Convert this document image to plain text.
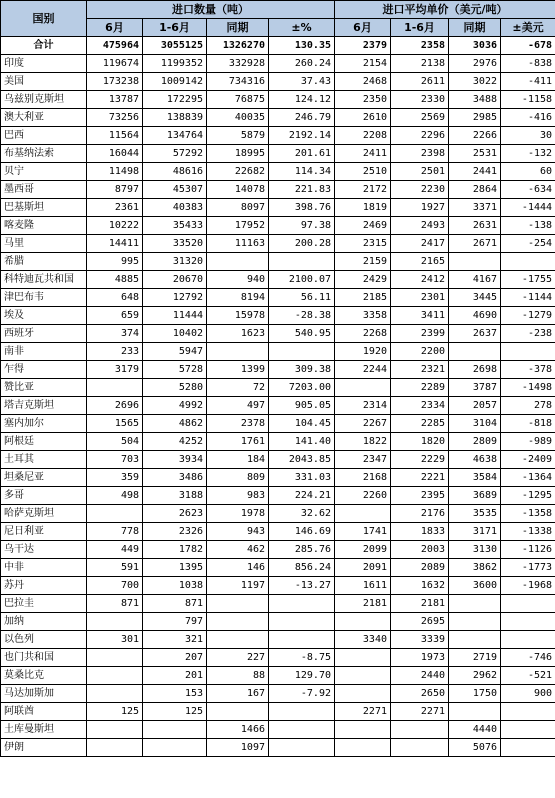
国别	进口数量（吨）				进口平均单价（美元/吨）			
	6月	1-6月	同期	±%	6月	1-6月	同期	±美元
合计	475964	3055125	1326270	130.35	2379	2358	3036	-678
印度	119674	1199352	332928	260.24	2154	2138	2976	-838
美国	173238	1009142	734316	37.43	2468	2611	3022	-411
乌兹别克斯坦	13787	172295	76875	124.12	2350	2330	3488	-1158
澳大利亚	73256	138839	40035	246.79	2610	2569	2985	-416
巴西	11564	134764	5879	2192.14	2208	2296	2266	30
布基纳法索	16044	57292	18995	201.61	2411	2398	2531	-132
贝宁	11498	48616	22682	114.34	2510	2501	2441	60
墨西哥	8797	45307	14078	221.83	2172	2230	2864	-634
巴基斯坦	2361	40383	8097	398.76	1819	1927	3371	-1444
喀麦隆	10222	35433	17952	97.38	2469	2493	2631	-138
马里	14411	33520	11163	200.28	2315	2417	2671	-254
希腊	995	31320			2159	2165		
科特迪瓦共和国	4885	20670	940	2100.07	2429	2412	4167	-1755
津巴布韦	648	12792	8194	56.11	2185	2301	3445	-1144
埃及	659	11444	15978	-28.38	3358	3411	4690	-1279
西班牙	374	10402	1623	540.95	2268	2399	2637	-238
南非	233	5947			1920	2200		
乍得	3179	5728	1399	309.38	2244	2321	2698	-378
赞比亚		5280	72	7203.00		2289	3787	-1498
塔吉克斯坦	2696	4992	497	905.05	2314	2334	2057	278
塞内加尔	1565	4862	2378	104.45	2267	2285	3104	-818
阿根廷	504	4252	1761	141.40	1822	1820	2809	-989
土耳其	703	3934	184	2043.85	2347	2229	4638	-2409
坦桑尼亚	359	3486	809	331.03	2168	2221	3584	-1364
多哥	498	3188	983	224.21	2260	2395	3689	-1295
哈萨克斯坦		2623	1978	32.62		2176	3535	-1358
尼日利亚	778	2326	943	146.69	1741	1833	3171	-1338
乌干达	449	1782	462	285.76	2099	2003	3130	-1126
中非	591	1395	146	856.24	2091	2089	3862	-1773
苏丹	700	1038	1197	-13.27	1611	1632	3600	-1968
巴拉圭	871	871			2181	2181		
加纳		797				2695		
以色列	301	321			3340	3339		
也门共和国		207	227	-8.75		1973	2719	-746
莫桑比克		201	88	129.70		2440	2962	-521
马达加斯加		153	167	-7.92		2650	1750	900
阿联酋	125	125			2271	2271		
土库曼斯坦			1466				4440	
伊朗			1097				5076	
